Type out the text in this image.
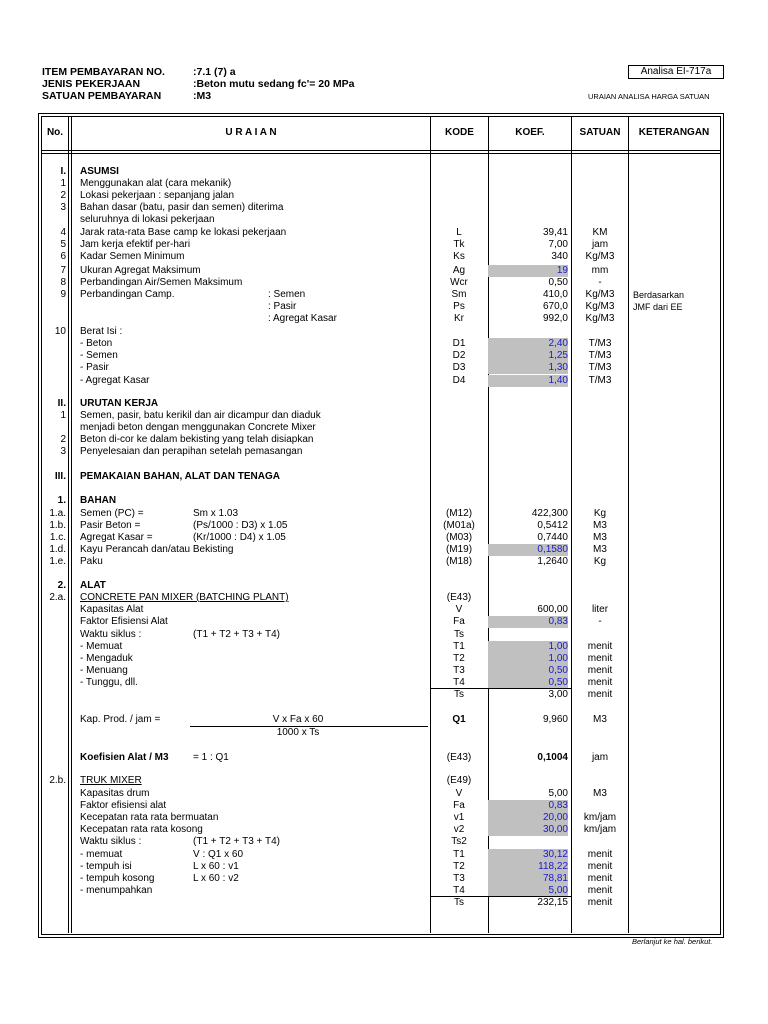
ITEM PEMBAYARAN NO.	:7.1 (7) a
JENIS PEKERJAAN	:Beton mutu sedang fc'= 20 MPa
SATUAN PEMBAYARAN	:M3
Analisa EI-717a
URAIAN ANALISA HARGA SATUAN
No.	U R A I A N	KODE	KOEF.	SATUAN	KETERANGAN
I. ASUMSI
1 Menggunakan alat (cara mekanik)
2 Lokasi pekerjaan : sepanjang jalan
3 Bahan dasar (batu, pasir dan semen) diterima
seluruhnya di lokasi pekerjaan
4 Jarak rata-rata Base camp ke lokasi pekerjaan	L	39,41	KM
5 Jam kerja efektif per-hari	Tk	7,00	jam
6 Kadar Semen Minimum	Ks	340	Kg/M3
7 Ukuran Agregat Maksimum	Ag	19	mm
8 Perbandingan Air/Semen Maksimum	Wcr	0,50	-
9 Perbandingan Camp.	: Semen	Sm	410,0	Kg/M3	Berdasarkan
: Pasir	Ps	670,0	Kg/M3	JMF dari EE
: Agregat Kasar	Kr	992,0	Kg/M3
10 Berat Isi :
- Beton	D1	2,40	T/M3
- Semen	D2	1,25	T/M3
- Pasir	D3	1,30	T/M3
- Agregat Kasar	D4	1,40	T/M3
II. URUTAN KERJA
1 Semen, pasir, batu kerikil dan air dicampur dan diaduk
menjadi beton dengan menggunakan Concrete Mixer
2 Beton di-cor ke dalam bekisting yang telah disiapkan
3 Penyelesaian dan perapihan setelah pemasangan
III. PEMAKAIAN BAHAN, ALAT DAN TENAGA
1. BAHAN
1.a. Semen (PC) =	Sm x 1.03	(M12)	422,300	Kg
1.b. Pasir Beton =	(Ps/1000 : D3) x 1.05	(M01a)	0,5412	M3
1.c. Agregat Kasar =	(Kr/1000 : D4) x 1.05	(M03)	0,7440	M3
1.d. Kayu Perancah dan/atau Bekisting	(M19)	0,1580	M3
1.e. Paku	(M18)	1,2640	Kg
2. ALAT
2.a. CONCRETE PAN MIXER (BATCHING PLANT)	(E43)
Kapasitas Alat	V	600,00	liter
Faktor Efisiensi Alat	Fa	0,83	-
Waktu siklus :	(T1 + T2 + T3 + T4)	Ts
- Memuat	T1	1,00	menit
- Mengaduk	T2	1,00	menit
- Menuang	T3	0,50	menit
- Tunggu, dll.	T4	0,50	menit
Ts	3,00	menit
Kap. Prod. / jam =	Q1	9,960	M3
Koefisien Alat / M3 = 1 : Q1	(E43)	0,1004	jam
2.b. TRUK MIXER	(E49)
Kapasitas drum	V	5,00	M3
Faktor efisiensi alat	Fa	0,83
Kecepatan rata rata bermuatan	v1	20,00	km/jam
Kecepatan rata rata kosong	v2	30,00	km/jam
Waktu siklus :	(T1 + T2 + T3 + T4)	Ts2
- memuat	V : Q1 x 60	T1	30,12	menit
- tempuh isi	L x 60 : v1	T2	118,22	menit
- tempuh kosong	L x 60 : v2	T3	78,81	menit
- menumpahkan	T4	5,00	menit
Ts	232,15	menit
V x Fa x 60
1000 x Ts
Berlanjut ke hal. berikut.
